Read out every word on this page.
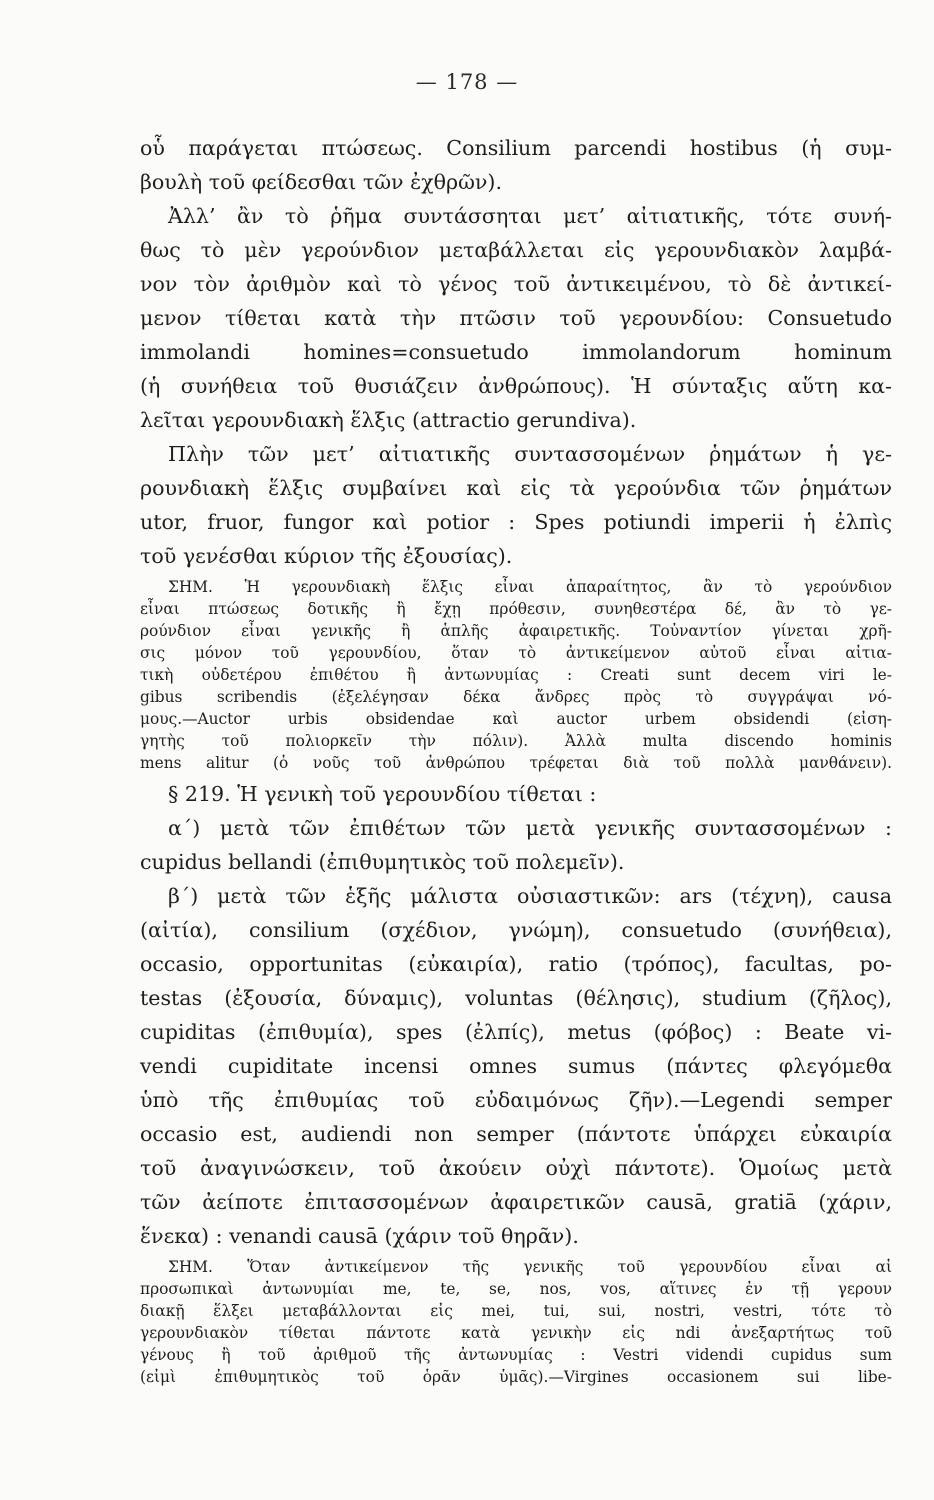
— 178 —
οὗ παράγεται πτώσεως. Consilium parcendi hostibus (ἡ συμ-
βουλὴ τοῦ φείδεσθαι τῶν ἐχθρῶν).
Ἀλλ’ ἂν τὸ ῥῆμα συντάσσηται μετ’ αἰτιατικῆς, τότε συνή-
θως τὸ μὲν γερούνδιον μεταβάλλεται εἰς γερουνδιακὸν λαμβά-
νον τὸν ἀριθμὸν καὶ τὸ γένος τοῦ ἀντικειμένου, τὸ δὲ ἀντικεί-
μενον τίθεται κατὰ τὴν πτῶσιν τοῦ γερουνδίου: Consuetudo
immolandi homines=consuetudo immolandorum hominum
(ἡ συνήθεια τοῦ θυσιάζειν ἀνθρώπους). Ἡ σύνταξις αὕτη κα-
λεῖται γερουνδιακὴ ἕλξις (attractio gerundiva).
Πλὴν τῶν μετ’ αἰτιατικῆς συντασσομένων ῥημάτων ἡ γε-
ρουνδιακὴ ἕλξις συμβαίνει καὶ εἰς τὰ γερούνδια τῶν ῥημάτων
utor, fruor, fungor καὶ potior : Spes potiundi imperii ἡ ἐλπὶς
τοῦ γενέσθαι κύριον τῆς ἐξουσίας).
ΣΗΜ. Ἡ γερουνδιακὴ ἕλξις εἶναι ἀπαραίτητος, ἂν τὸ γερούνδιον
εἶναι πτώσεως δοτικῆς ἢ ἔχῃ πρόθεσιν, συνηθεστέρα δέ, ἂν τὸ γε-
ρούνδιον εἶναι γενικῆς ἢ ἁπλῆς ἀφαιρετικῆς. Τοὐναντίον γίνεται χρῆ-
σις μόνον τοῦ γερουνδίου, ὅταν τὸ ἀντικείμενον αὐτοῦ εἶναι αἰτια-
τικὴ οὐδετέρου ἐπιθέτου ἢ ἀντωνυμίας : Creati sunt decem viri le-
gibus scribendis (ἐξελέγησαν δέκα ἄνδρες πρὸς τὸ συγγράψαι νό-
μους.—Auctor urbis obsidendae καὶ auctor urbem obsidendi (εἰση-
γητὴς τοῦ πολιορκεῖν τὴν πόλιν). Ἀλλὰ multa discendo hominis
mens alitur (ὁ νοῦς τοῦ ἀνθρώπου τρέφεται διὰ τοῦ πολλὰ μανθάνειν).
§ 219. Ἡ γενικὴ τοῦ γερουνδίου τίθεται :
α΄) μετὰ τῶν ἐπιθέτων τῶν μετὰ γενικῆς συντασσομένων :
cupidus bellandi (ἐπιθυμητικὸς τοῦ πολεμεῖν).
β΄) μετὰ τῶν ἑξῆς μάλιστα οὐσιαστικῶν: ars (τέχνη), causa
(αἰτία), consilium (σχέδιον, γνώμη), consuetudo (συνήθεια),
occasio, opportunitas (εὐκαιρία), ratio (τρόπος), facultas, po-
testas (ἐξουσία, δύναμις), voluntas (θέλησις), studium (ζῆλος),
cupiditas (ἐπιθυμία), spes (ἐλπίς), metus (φόβος) : Beate vi-
vendi cupiditate incensi omnes sumus (πάντες φλεγόμεθα
ὑπὸ τῆς ἐπιθυμίας τοῦ εὐδαιμόνως ζῆν).—Legendi semper
occasio est, audiendi non semper (πάντοτε ὑπάρχει εὐκαιρία
τοῦ ἀναγινώσκειν, τοῦ ἀκούειν οὐχὶ πάντοτε). Ὁμοίως μετὰ
τῶν ἀείποτε ἐπιτασσομένων ἀφαιρετικῶν causā, gratiā (χάριν,
ἕνεκα) : venandi causā (χάριν τοῦ θηρᾶν).
ΣΗΜ. Ὅταν ἀντικείμενον τῆς γενικῆς τοῦ γερουνδίου εἶναι αἱ
προσωπικαὶ ἀντωνυμίαι me, te, se, nos, vos, αἵτινες ἐν τῇ γερουν
διακῇ ἕλξει μεταβάλλονται εἰς mei, tui, sui, nostri, vestri, τότε τὸ
γερουνδιακὸν τίθεται πάντοτε κατὰ γενικὴν εἰς ndi ἀνεξαρτήτως τοῦ
γένους ἢ τοῦ ἀριθμοῦ τῆς ἀντωνυμίας : Vestri videndi cupidus sum
(εἰμὶ ἐπιθυμητικὸς τοῦ ὁρᾶν ὑμᾶς).—Virgines occasionem sui libe-
